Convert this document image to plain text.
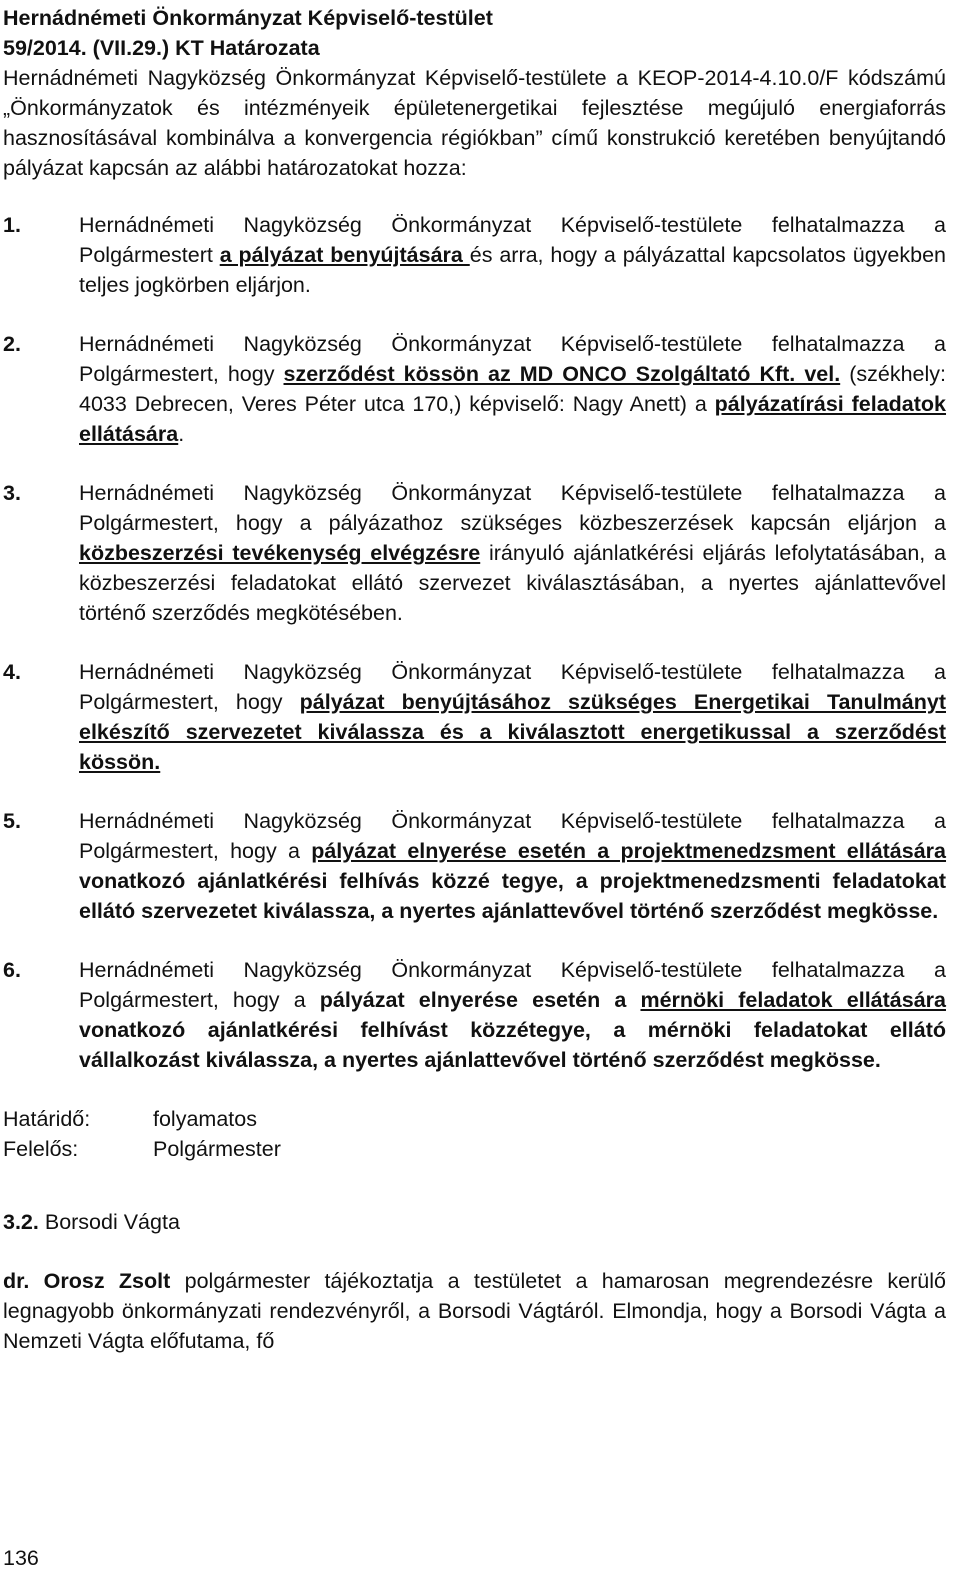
Hernádnémeti Önkormányzat Képviselő-testület

59/2014. (VII.29.) KT Határozata

Hernádnémeti Nagyközség Önkormányzat Képviselő-testülete a KEOP-2014-4.10.0/F kódszámú „Önkormányzatok és intézményeik épületenergetikai fejlesztése megújuló energiaforrás hasznosításával kombinálva a konvergencia régiókban” című konstrukció keretében benyújtandó pályázat kapcsán az alábbi határozatokat hozza:

1.	Hernádnémeti Nagyközség Önkormányzat Képviselő-testülete felhatalmazza a Polgármestert a pályázat benyújtására és arra, hogy a pályázattal kapcsolatos ügyekben teljes jogkörben eljárjon.
2.	Hernádnémeti Nagyközség Önkormányzat Képviselő-testülete felhatalmazza a Polgármestert, hogy szerződést kössön az MD ONCO Szolgáltató Kft. vel. (székhely: 4033 Debrecen, Veres Péter utca 170,) képviselő: Nagy Anett) a pályázatírási feladatok ellátására.
3.	Hernádnémeti Nagyközség Önkormányzat Képviselő-testülete felhatalmazza a Polgármestert, hogy a pályázathoz szükséges közbeszerzések kapcsán eljárjon a közbeszerzési tevékenység elvégzésre irányuló ajánlatkérési eljárás lefolytatásában, a közbeszerzési feladatokat ellátó szervezet kiválasztásában, a nyertes ajánlattevővel történő szerződés megkötésében.
4.	Hernádnémeti Nagyközség Önkormányzat Képviselő-testülete felhatalmazza a Polgármestert, hogy pályázat benyújtásához szükséges Energetikai Tanulmányt elkészítő szervezetet kiválassza és a kiválasztott energetikussal a szerződést kössön.
5.	Hernádnémeti Nagyközség Önkormányzat Képviselő-testülete felhatalmazza a Polgármestert, hogy a pályázat elnyerése esetén a projektmenedzsment ellátására vonatkozó ajánlatkérési felhívás közzé tegye, a projektmenedzsmenti feladatokat ellátó szervezetet kiválassza, a nyertes ajánlattevővel történő szerződést megkösse.
6.	Hernádnémeti Nagyközség Önkormányzat Képviselő-testülete felhatalmazza a Polgármestert, hogy a pályázat elnyerése esetén a mérnöki feladatok ellátására vonatkozó ajánlatkérési felhívást közzétegye, a mérnöki feladatokat ellátó vállalkozást kiválassza, a nyertes ajánlattevővel történő szerződést megkösse.
Határidő:	folyamatos
Felelős:	Polgármester

3.2. Borsodi Vágta

dr. Orosz Zsolt polgármester tájékoztatja a testületet a hamarosan megrendezésre kerülő legnagyobb önkormányzati rendezvényről, a Borsodi Vágtáról. Elmondja, hogy a Borsodi Vágta a Nemzeti Vágta előfutama, fő

136
